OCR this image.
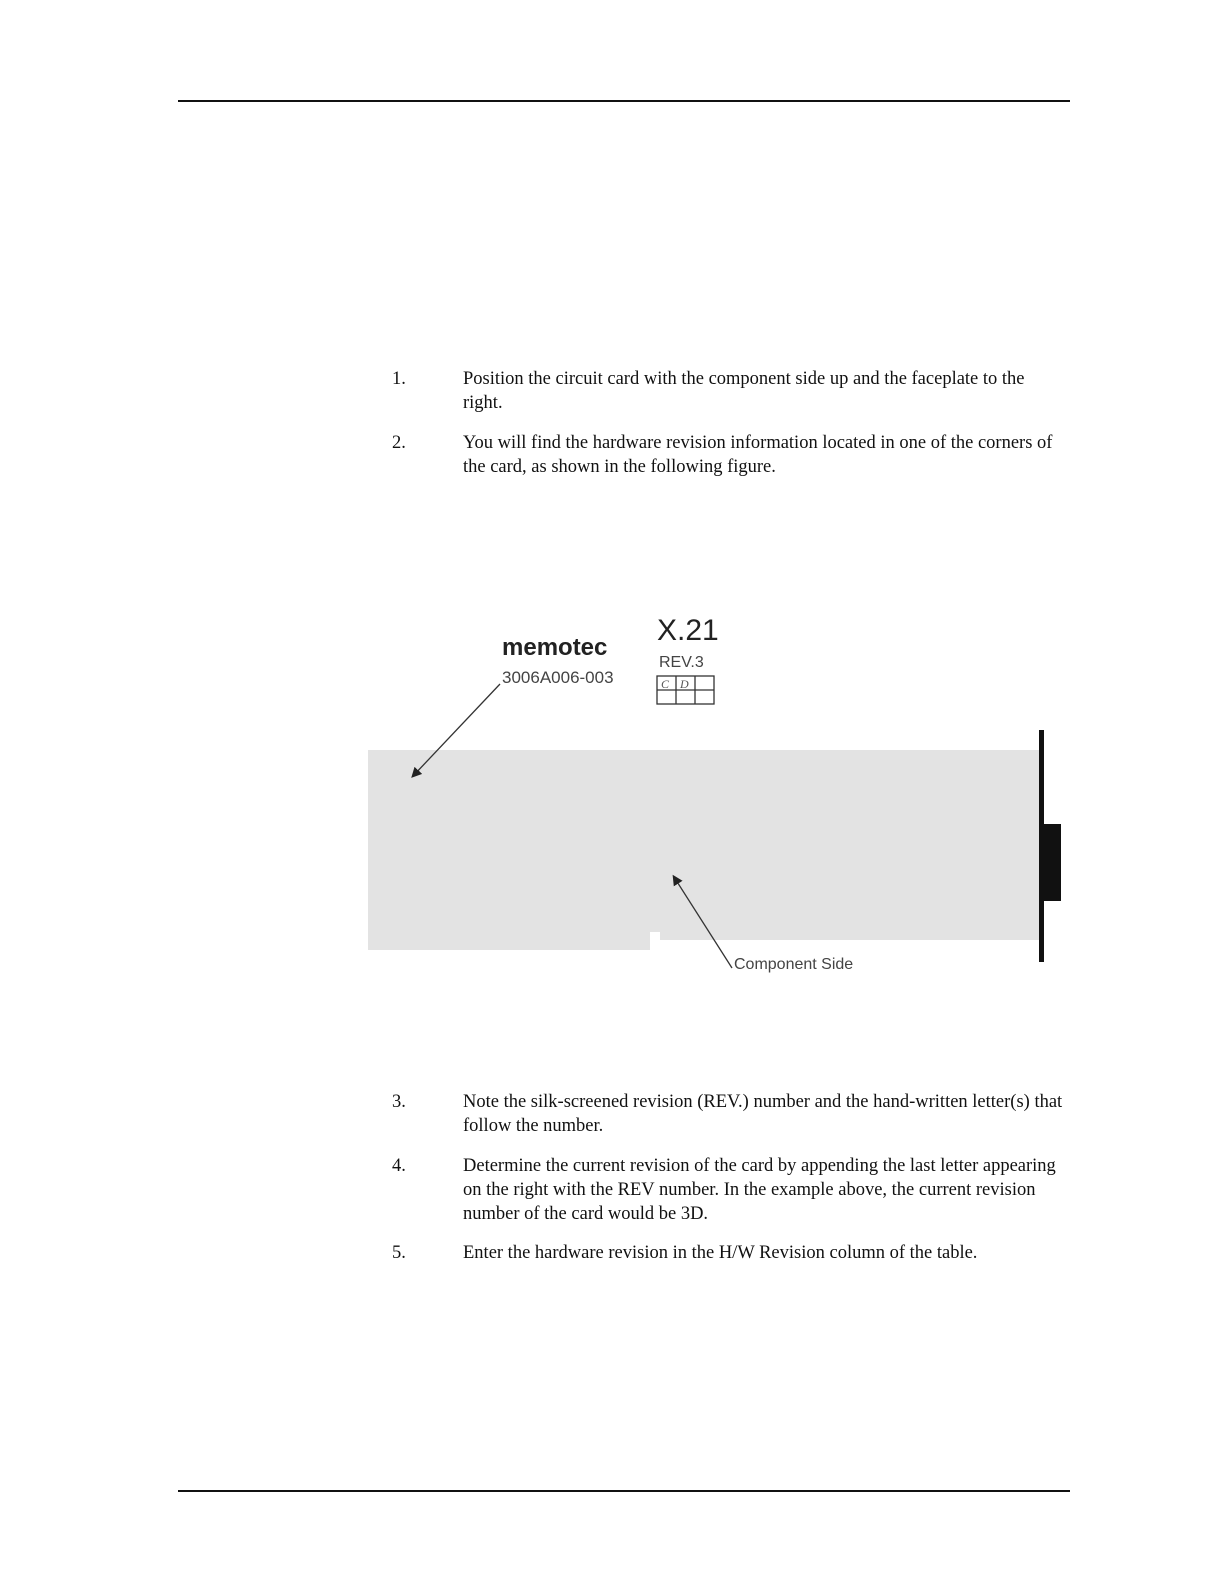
1.	Position the circuit card with the component side up and the faceplate to the right.
2.	You will find the hardware revision information located in one of the corners of the card, as shown in the following figure.
memotec
3006A006-003
X.21
REV.3
C D
Component Side
3.	Note the silk-screened revision (REV.) number and the hand-written letter(s) that follow the number.
4.	Determine the current revision of the card by appending the last letter appearing on the right with the REV number. In the example above, the current revision number of the card would be 3D.
5.	Enter the hardware revision in the H/W Revision column of the table.
